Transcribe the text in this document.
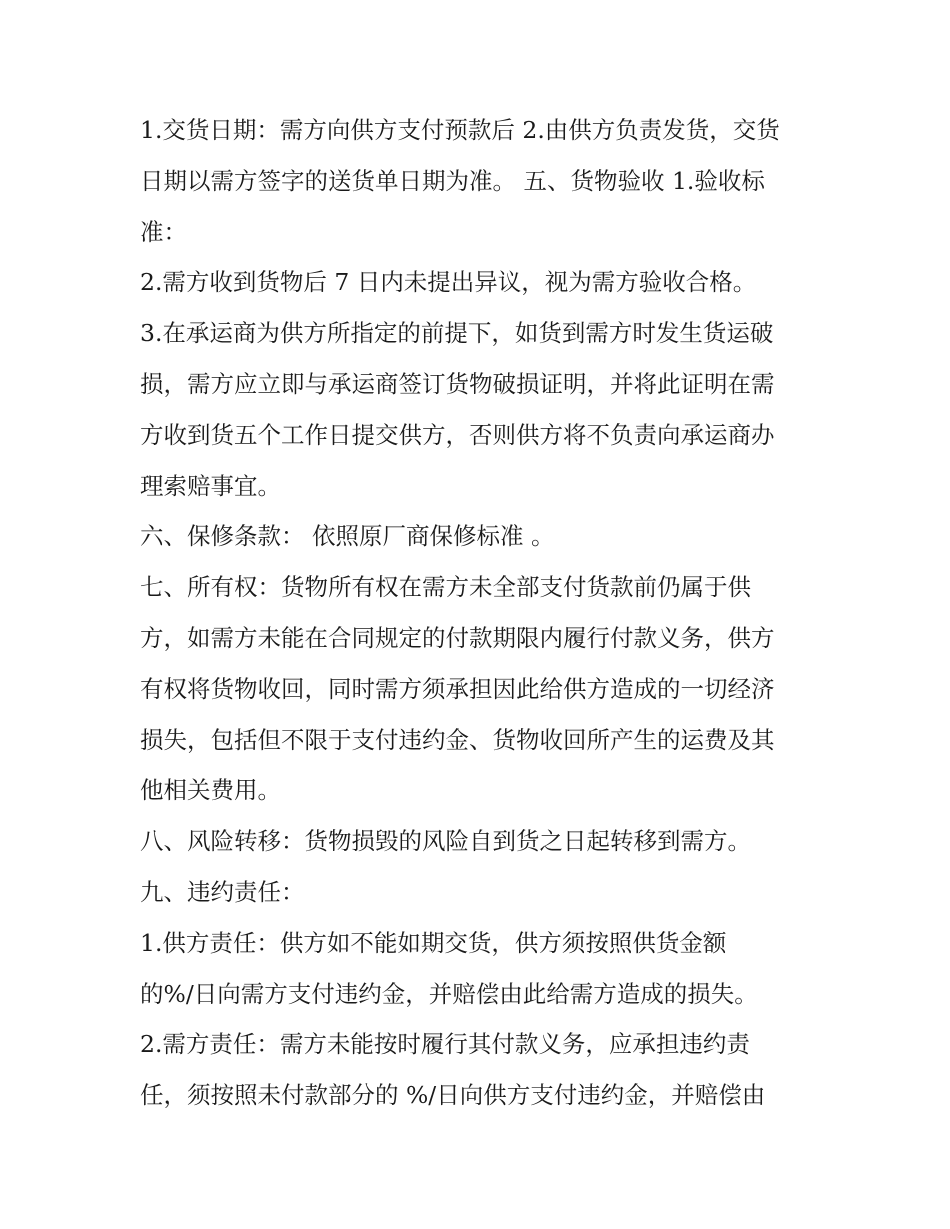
1.交货日期：需方向供方支付预款后 2.由供方负责发货，交货
日期以需方签字的送货单日期为准。 五、货物验收 1.验收标
准：
2.需方收到货物后 7 日内未提出异议，视为需方验收合格。
3.在承运商为供方所指定的前提下，如货到需方时发生货运破
损，需方应立即与承运商签订货物破损证明，并将此证明在需
方收到货五个工作日提交供方，否则供方将不负责向承运商办
理索赔事宜。
六、保修条款： 依照原厂商保修标准 。
七、所有权：货物所有权在需方未全部支付货款前仍属于供
方，如需方未能在合同规定的付款期限内履行付款义务，供方
有权将货物收回，同时需方须承担因此给供方造成的一切经济
损失，包括但不限于支付违约金、货物收回所产生的运费及其
他相关费用。
八、风险转移：货物损毁的风险自到货之日起转移到需方。
九、违约责任：
1.供方责任：供方如不能如期交货，供方须按照供货金额
的%/日向需方支付违约金，并赔偿由此给需方造成的损失。
2.需方责任：需方未能按时履行其付款义务，应承担违约责
任，须按照未付款部分的 %/日向供方支付违约金，并赔偿由
